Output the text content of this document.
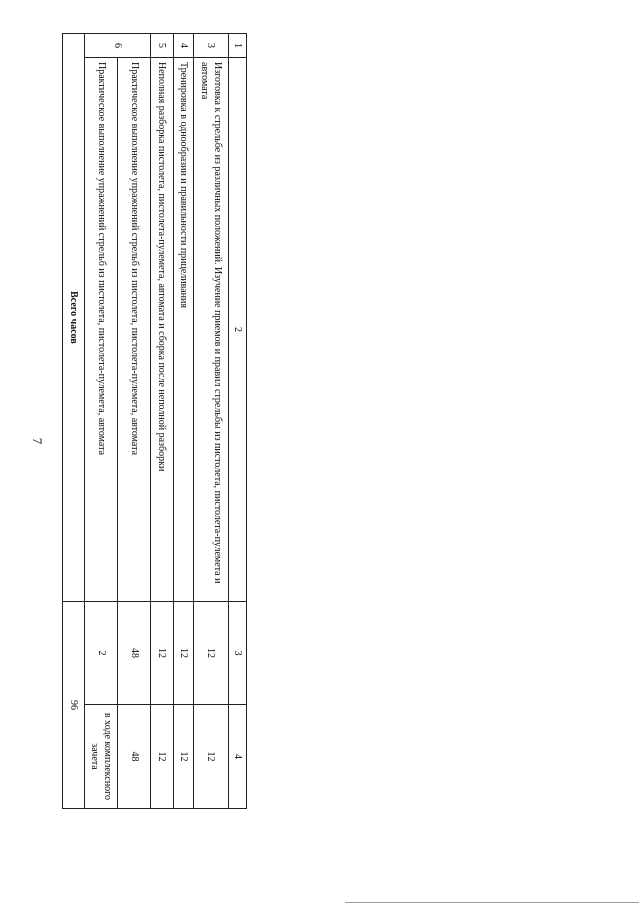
7
1	2	3	4
3	Изготовка к стрельбе из различных положений. Изучение приемов и правил стрельбы из пистолета, пистолета-пулемета и автомата	12	12
4	Тренировка в однообразии и правильности прицеливания	12	12
5	Неполная разборка пистолета, пистолета-пулемета, автомата и сборка после неполной разборки	12	12
6	Практическое выполнение упражнений стрельб из пистолета, пистолета-пулемета, автомата	48	48
	Практическое выполнение упражнений стрельб из пистолета, пистолета-пулемета, автомата	2	в ходе комплексного зачета
Всего часов		96	
